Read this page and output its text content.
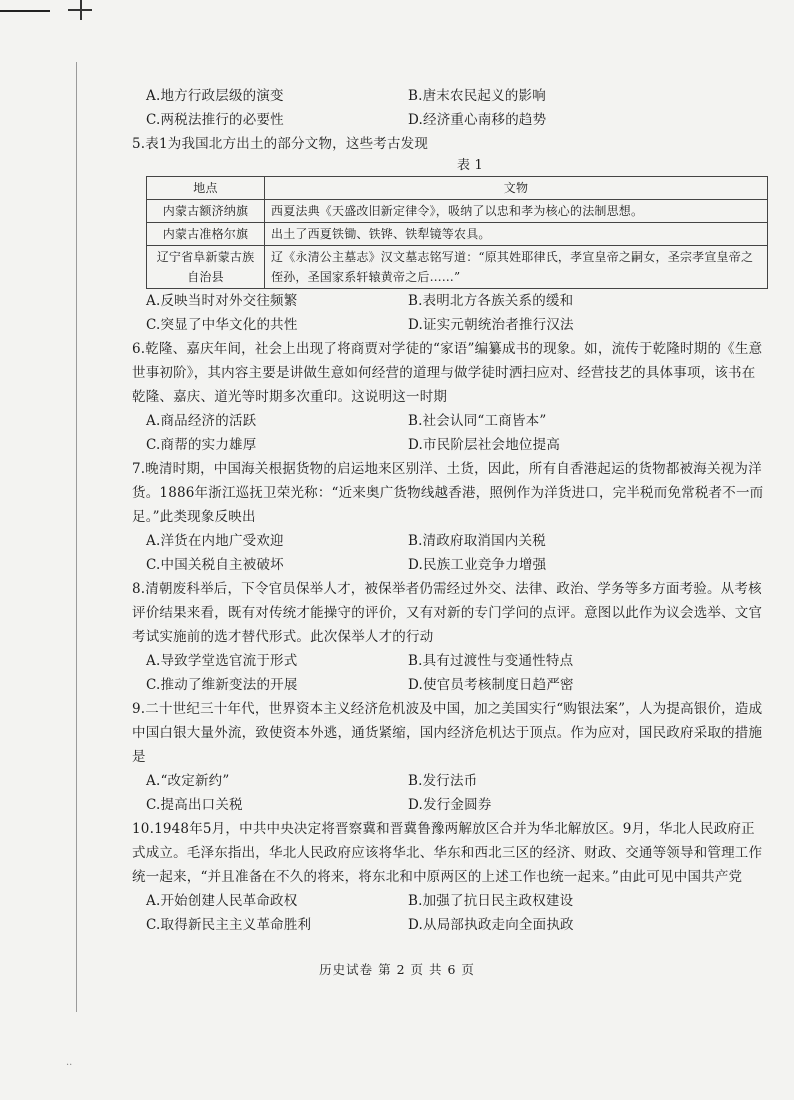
A.地方行政层级的演变	B.唐末农民起义的影响
C.两税法推行的必要性	D.经济重心南移的趋势
5.表1为我国北方出土的部分文物，这些考古发现
表 1
地点	文物
内蒙古额济纳旗	西夏法典《天盛改旧新定律令》，吸纳了以忠和孝为核心的法制思想。
内蒙古准格尔旗	出土了西夏铁锄、铁铧、铁犁镜等农具。
辽宁省阜新蒙古族自治县	辽《永清公主墓志》汉文墓志铭写道：“原其姓耶律氏，孝宣皇帝之嗣女，圣宗孝宣皇帝之侄孙，圣国家系轩辕黄帝之后……”
A.反映当时对外交往频繁	B.表明北方各族关系的缓和
C.突显了中华文化的共性	D.证实元朝统治者推行汉法
6.乾隆、嘉庆年间，社会上出现了将商贾对学徒的“家语”编纂成书的现象。如，流传于乾隆时期的《生意世事初阶》，其内容主要是讲做生意如何经营的道理与做学徒时洒扫应对、经营技艺的具体事项，该书在乾隆、嘉庆、道光等时期多次重印。这说明这一时期
A.商品经济的活跃	B.社会认同“工商皆本”
C.商帮的实力雄厚	D.市民阶层社会地位提高
7.晚清时期，中国海关根据货物的启运地来区别洋、土货，因此，所有自香港起运的货物都被海关视为洋货。1886年浙江巡抚卫荣光称：“近来奥广货物线越香港，照例作为洋货进口，完半税而免常税者不一而足。”此类现象反映出
A.洋货在内地广受欢迎	B.清政府取消国内关税
C.中国关税自主被破坏	D.民族工业竞争力增强
8.清朝废科举后，下令官员保举人才，被保举者仍需经过外交、法律、政治、学务等多方面考验。从考核评价结果来看，既有对传统才能操守的评价，又有对新的专门学问的点评。意图以此作为议会选举、文官考试实施前的选才替代形式。此次保举人才的行动
A.导致学堂选官流于形式	B.具有过渡性与变通性特点
C.推动了维新变法的开展	D.使官员考核制度日趋严密
9.二十世纪三十年代，世界资本主义经济危机波及中国，加之美国实行“购银法案”，人为提高银价，造成中国白银大量外流，致使资本外逃，通货紧缩，国内经济危机达于顶点。作为应对，国民政府采取的措施是
A.“改定新约”	B.发行法币
C.提高出口关税	D.发行金圆券
10.1948年5月，中共中央决定将晋察冀和晋冀鲁豫两解放区合并为华北解放区。9月，华北人民政府正式成立。毛泽东指出，华北人民政府应该将华北、华东和西北三区的经济、财政、交通等领导和管理工作统一起来，“并且准备在不久的将来，将东北和中原两区的上述工作也统一起来。”由此可见中国共产党
A.开始创建人民革命政权	B.加强了抗日民主政权建设
C.取得新民主主义革命胜利	D.从局部执政走向全面执政
历史试卷 第 2 页 共 6 页
··
